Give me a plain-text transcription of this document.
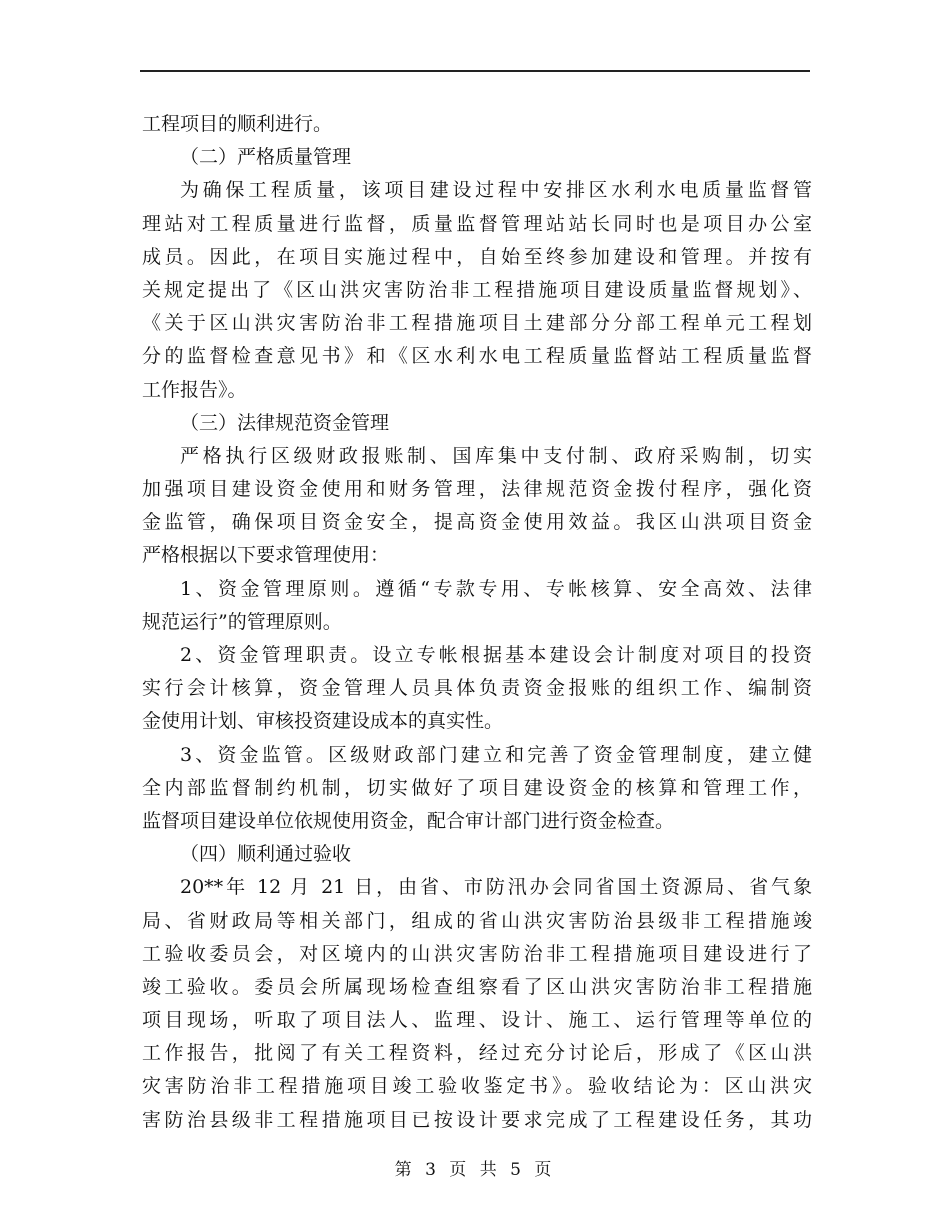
工程项目的顺利进行。
（二）严格质量管理
为确保工程质量，该项目建设过程中安排区水利水电质量监督管
理站对工程质量进行监督，质量监督管理站站长同时也是项目办公室
成员。因此，在项目实施过程中，自始至终参加建设和管理。并按有
关规定提出了《区山洪灾害防治非工程措施项目建设质量监督规划》、
《关于区山洪灾害防治非工程措施项目土建部分分部工程单元工程划
分的监督检查意见书》和《区水利水电工程质量监督站工程质量监督
工作报告》。
（三）法律规范资金管理
严格执行区级财政报账制、国库集中支付制、政府采购制，切实
加强项目建设资金使用和财务管理，法律规范资金拨付程序，强化资
金监管，确保项目资金安全，提高资金使用效益。我区山洪项目资金
严格根据以下要求管理使用：
1、资金管理原则。遵循“专款专用、专帐核算、安全高效、法律
规范运行”的管理原则。
2、资金管理职责。设立专帐根据基本建设会计制度对项目的投资
实行会计核算，资金管理人员具体负责资金报账的组织工作、编制资
金使用计划、审核投资建设成本的真实性。
3、资金监管。区级财政部门建立和完善了资金管理制度，建立健
全内部监督制约机制，切实做好了项目建设资金的核算和管理工作，
监督项目建设单位依规使用资金，配合审计部门进行资金检查。
（四）顺利通过验收
20**年 12 月 21 日，由省、市防汛办会同省国土资源局、省气象
局、省财政局等相关部门，组成的省山洪灾害防治县级非工程措施竣
工验收委员会，对区境内的山洪灾害防治非工程措施项目建设进行了
竣工验收。委员会所属现场检查组察看了区山洪灾害防治非工程措施
项目现场，听取了项目法人、监理、设计、施工、运行管理等单位的
工作报告，批阅了有关工程资料，经过充分讨论后，形成了《区山洪
灾害防治非工程措施项目竣工验收鉴定书》。验收结论为：区山洪灾
害防治县级非工程措施项目已按设计要求完成了工程建设任务，其功
第 3 页 共 5 页
